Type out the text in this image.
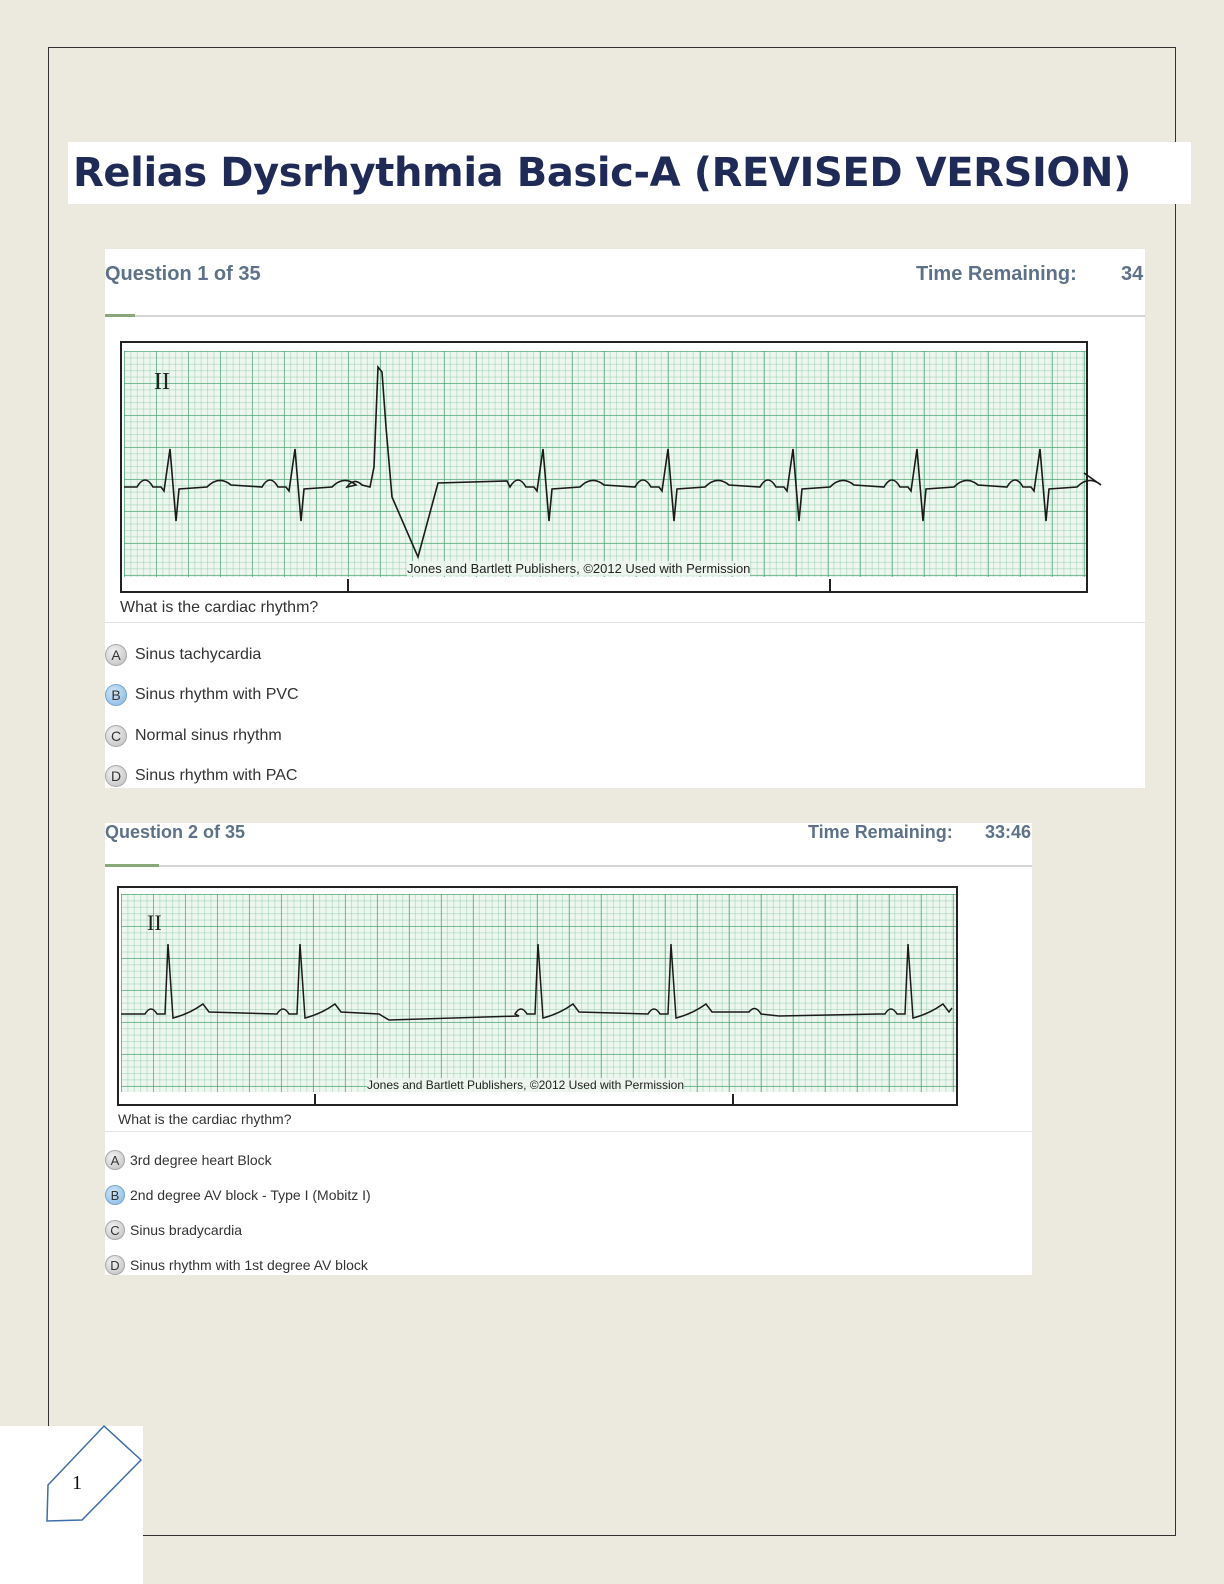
Relias Dysrhythmia Basic-A (REVISED VERSION)
Question 1 of 35	Time Remaining: 34
II
Jones and Bartlett Publishers, ©2012 Used with Permission
What is the cardiac rhythm?
A Sinus tachycardia
B Sinus rhythm with PVC
C Normal sinus rhythm
D Sinus rhythm with PAC
Question 2 of 35	Time Remaining: 33:46
II
Jones and Bartlett Publishers, ©2012 Used with Permission
What is the cardiac rhythm?
A 3rd degree heart Block
B 2nd degree AV block - Type I (Mobitz I)
C Sinus bradycardia
D Sinus rhythm with 1st degree AV block
1
